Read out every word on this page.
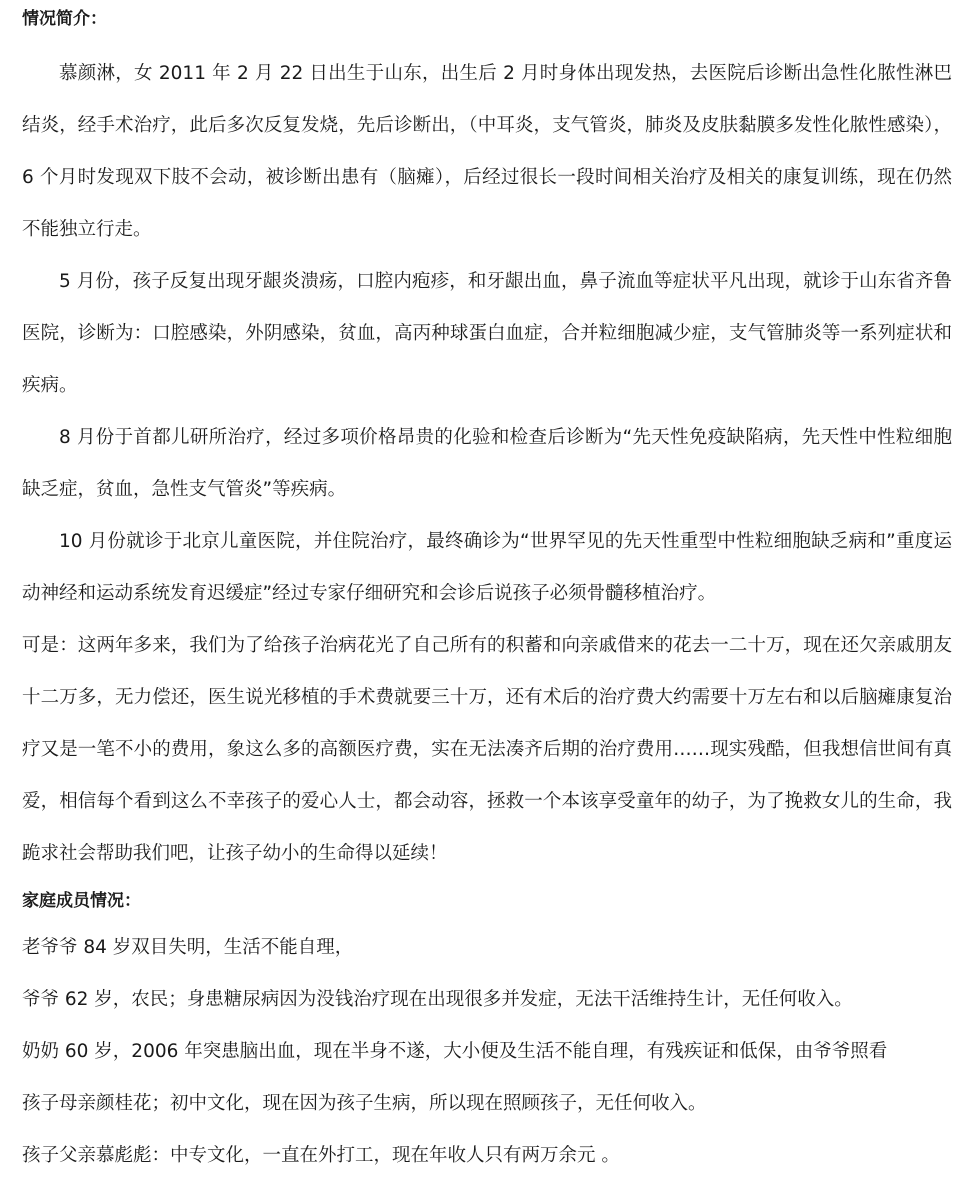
情况简介：

慕颜淋，女 2011 年 2 月 22 日出生于山东，出生后 2 月时身体出现发热，去医院后诊断出急性化脓性淋巴结炎，经手术治疗，此后多次反复发烧，先后诊断出，（中耳炎，支气管炎，肺炎及皮肤黏膜多发性化脓性感染），6 个月时发现双下肢不会动，被诊断出患有（脑瘫），后经过很长一段时间相关治疗及相关的康复训练，现在仍然不能独立行走。

5 月份，孩子反复出现牙龈炎溃疡，口腔内疱疹，和牙龈出血，鼻子流血等症状平凡出现，就诊于山东省齐鲁医院，诊断为：口腔感染，外阴感染，贫血，高丙种球蛋白血症，合并粒细胞减少症，支气管肺炎等一系列症状和疾病。

8 月份于首都儿研所治疗，经过多项价格昂贵的化验和检查后诊断为“先天性免疫缺陷病，先天性中性粒细胞缺乏症，贫血，急性支气管炎”等疾病。

10 月份就诊于北京儿童医院，并住院治疗，最终确诊为“世界罕见的先天性重型中性粒细胞缺乏病和”重度运动神经和运动系统发育迟缓症”经过专家仔细研究和会诊后说孩子必须骨髓移植治疗。

可是：这两年多来，我们为了给孩子治病花光了自己所有的积蓄和向亲戚借来的花去一二十万，现在还欠亲戚朋友十二万多，无力偿还，医生说光移植的手术费就要三十万，还有术后的治疗费大约需要十万左右和以后脑瘫康复治疗又是一笔不小的费用，象这么多的高额医疗费，实在无法凑齐后期的治疗费用……现实残酷，但我想信世间有真爱，相信每个看到这么不幸孩子的爱心人士，都会动容，拯救一个本该享受童年的幼子，为了挽救女儿的生命，我跪求社会帮助我们吧，让孩子幼小的生命得以延续！

家庭成员情况：

老爷爷 84 岁双目失明，生活不能自理，

爷爷 62 岁，农民；身患糖尿病因为没钱治疗现在出现很多并发症，无法干活维持生计，无任何收入。

奶奶 60 岁，2006 年突患脑出血，现在半身不遂，大小便及生活不能自理，有残疾证和低保，由爷爷照看

孩子母亲颜桂花；初中文化，现在因为孩子生病，所以现在照顾孩子，无任何收入。

孩子父亲慕彪彪：中专文化，一直在外打工，现在年收人只有两万余元 。
